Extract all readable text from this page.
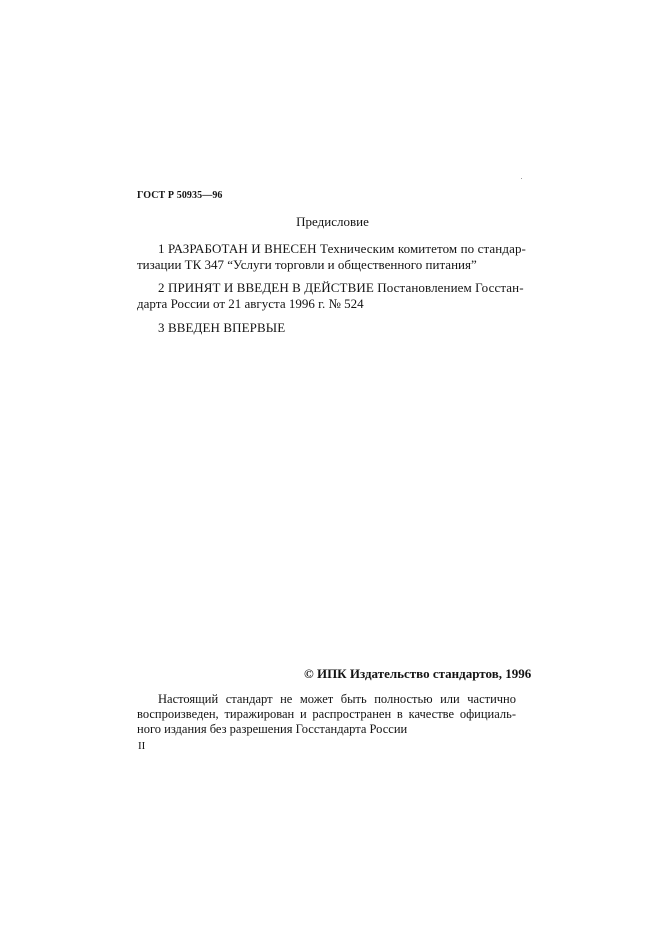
ГОСТ Р 50935—96
Предисловие
1 РАЗРАБОТАН И ВНЕСЕН Техническим комитетом по стандар-
тизации ТК 347 “Услуги торговли и общественного питания”
2 ПРИНЯТ И ВВЕДЕН В ДЕЙСТВИЕ Постановлением Госстан-
дарта России от 21 августа 1996 г. № 524
3 ВВЕДЕН ВПЕРВЫЕ
© ИПК Издательство стандартов, 1996
Настоящий стандарт не может быть полностью или частично
воспроизведен, тиражирован и распространен в качестве официаль-
ного издания без разрешения Госстандарта России
II
